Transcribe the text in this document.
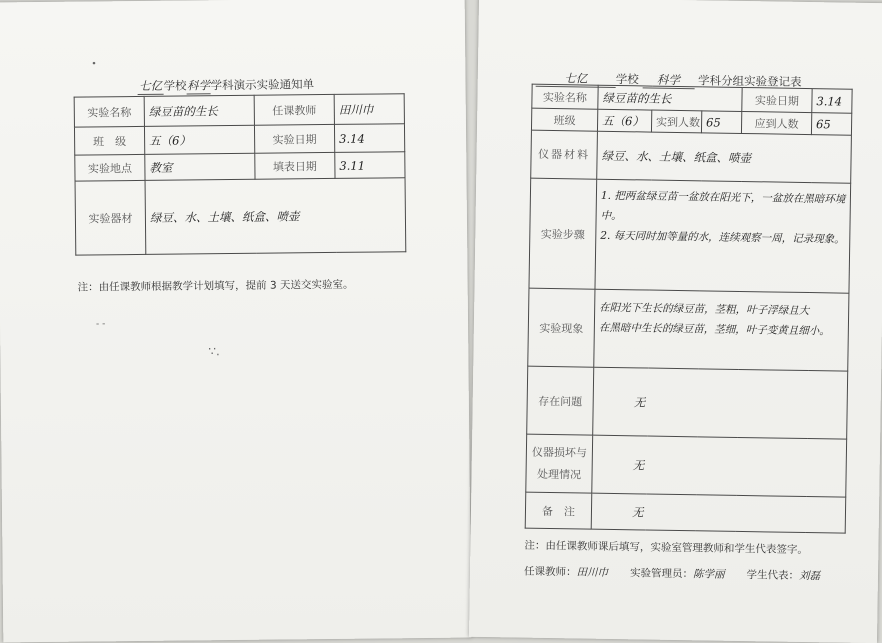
七亿学校科学学科演示实验通知单
实验名称	绿豆苗的生长	任课教师	田川巾
班　级	五（6）	实验日期	3.14
实验地点	教室	填表日期	3.11
实验器材	绿豆、水、土壤、纸盒、喷壶		
注：由任课教师根据教学计划填写，提前 3 天送交实验室。
- -
∵.
•
七亿 学校 科学 学科分组实验登记表
实验名称	绿豆苗的生长			实验日期	3.14
班级	五（6）	实到人数	65	应到人数	65
仪器材料	绿豆、水、土壤、纸盒、喷壶				
实验步骤	1. 把两盆绿豆苗一盆放在阳光下，一盆放在黑暗环境中。
2. 每天同时加等量的水，连续观察一周，记录现象。				

实验现象	在阳光下生长的绿豆苗，茎粗，叶子浮绿且大
在黑暗中生长的绿豆苗，茎细，叶子变黄且细小。				

存在问题	无				
仪器损坏与处理情况	无				
备　注	无				
注：由任课教师课后填写，实验室管理教师和学生代表签字。
任课教师：田川巾 实验管理员：陈学丽 学生代表：刘磊
